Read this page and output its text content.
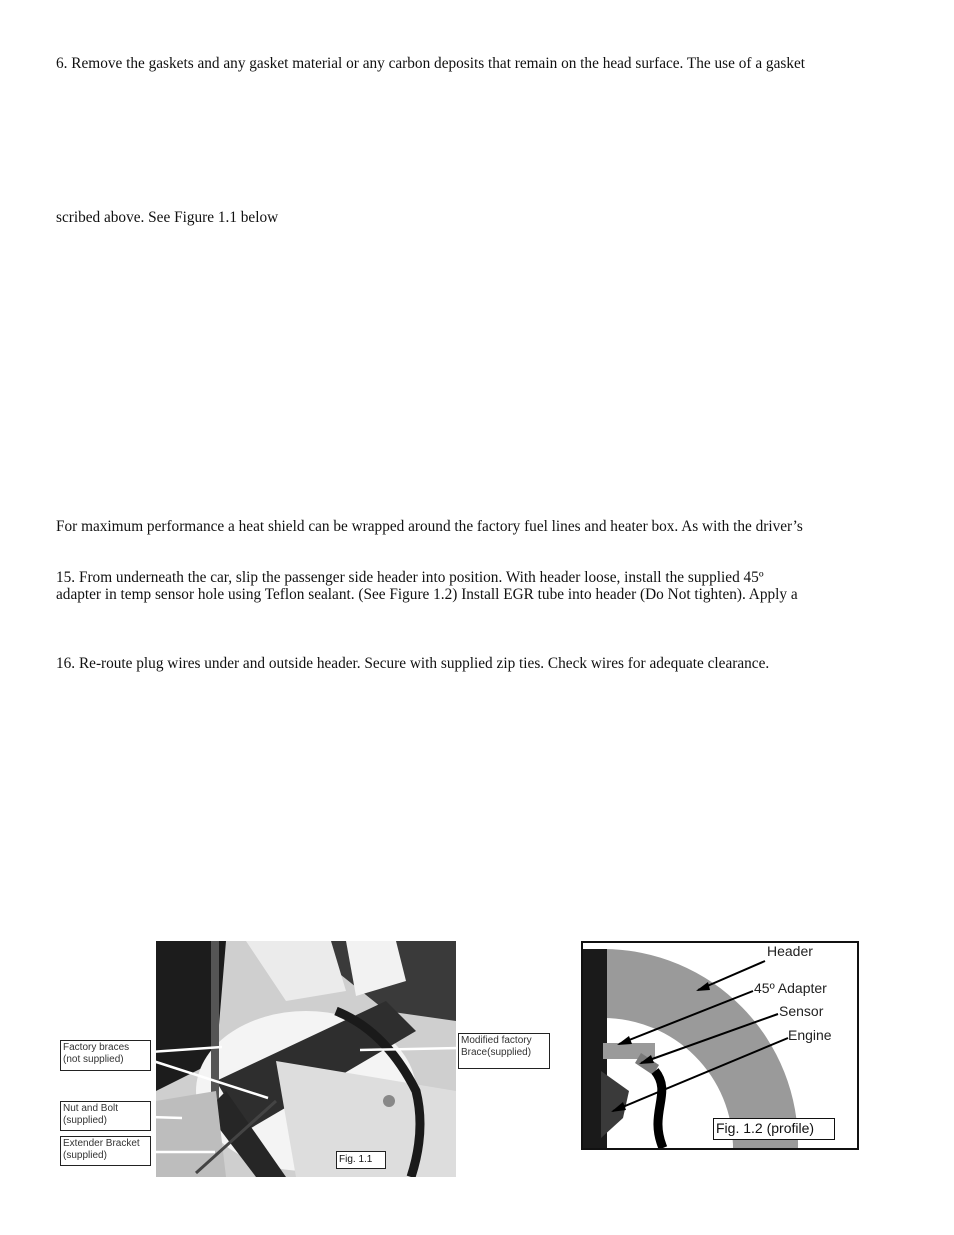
6. Remove the gaskets and any gasket material or any carbon deposits that remain on the head surface. The use of a gasket
scribed above. See Figure 1.1 below
For maximum performance a heat shield can be wrapped around the factory fuel lines and heater box. As with the driver’s
15. From underneath the car, slip the passenger side header into position. With header loose, install the supplied 45º
adapter in temp sensor hole using Teflon sealant. (See Figure 1.2) Install EGR tube into header (Do Not tighten). Apply a
16. Re-route plug wires under and outside header. Secure with supplied zip ties. Check wires for adequate clearance.
Fig. 1.1
Factory braces (not supplied)
Modified factory Brace(supplied)
Nut and Bolt (supplied)
Extender Bracket (supplied)
Header
45º Adapter
Sensor
Engine
Fig. 1.2 (profile)
